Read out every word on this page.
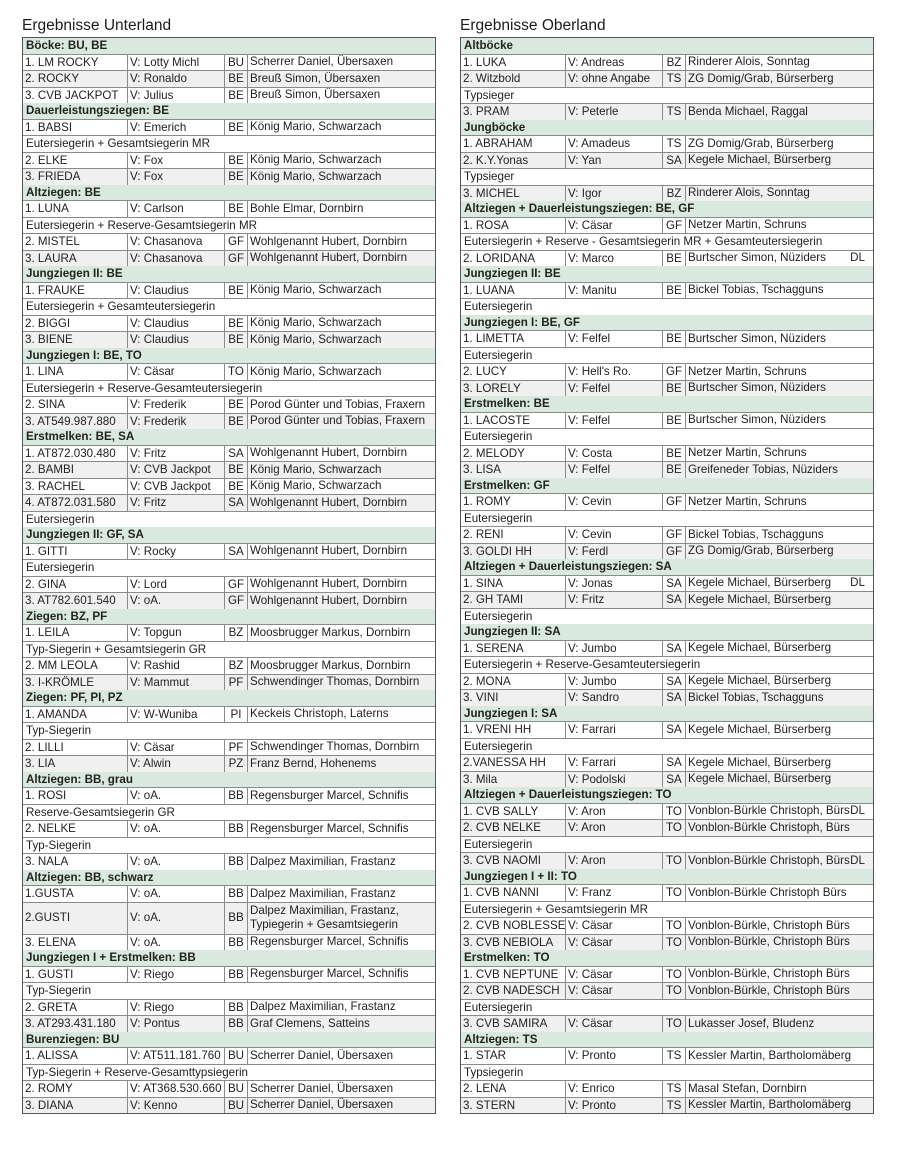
Ergebnisse Unterland
Böcke: BU, BE
1. LM ROCKY	V: Lotty Michl	BU Scherrer Daniel, Übersaxen
2. ROCKY	V: Ronaldo	BE Breuß Simon, Übersaxen
3. CVB JACKPOT V: Julius	BE Breuß Simon, Übersaxen
Dauerleistungsziegen: BE
1. BABSI	V: Emerich	BE König Mario, Schwarzach
Eutersiegerin + Gesamtsiegerin MR
2. ELKE	V: Fox	BE König Mario, Schwarzach
3. FRIEDA	V: Fox	BE König Mario, Schwarzach
Altziegen: BE
1. LUNA	V: Carlson	BE Bohle Elmar, Dornbirn
Eutersiegerin + Reserve-Gesamtsiegerin MR
2. MISTEL	V: Chasanova	GF Wohlgenannt Hubert, Dornbirn
3. LAURA	V: Chasanova	GF Wohlgenannt Hubert, Dornbirn
Jungziegen II: BE
1. FRAUKE	V: Claudius	BE König Mario, Schwarzach
Eutersiegerin + Gesamteutersiegerin
2. BIGGI	V: Claudius	BE König Mario, Schwarzach
3. BIENE	V: Claudius	BE König Mario, Schwarzach
Jungziegen I: BE, TO
1. LINA	V: Cäsar	TO König Mario, Schwarzach
Eutersiegerin + Reserve-Gesamteutersiegerin
2. SINA	V: Frederik	BE Porod Günter und Tobias, Fraxern
3. AT549.987.880	V: Frederik	BE Porod Günter und Tobias, Fraxern
Erstmelken: BE, SA
1. AT872.030.480	V: Fritz	SA Wohlgenannt Hubert, Dornbirn
2. BAMBI	V: CVB Jackpot	BE König Mario, Schwarzach
3. RACHEL	V: CVB Jackpot	BE König Mario, Schwarzach
4. AT872.031.580	V: Fritz	SA Wohlgenannt Hubert, Dornbirn
Eutersiegerin
Jungziegen II: GF, SA
1. GITTI	V: Rocky	SA Wohlgenannt Hubert, Dornbirn
Eutersiegerin
2. GINA	V: Lord	GF Wohlgenannt Hubert, Dornbirn
3. AT782.601.540	V: oA.	GF Wohlgenannt Hubert, Dornbirn
Ziegen: BZ, PF
1. LEILA	V: Topgun	BZ Moosbrugger Markus, Dornbirn
Typ-Siegerin + Gesamtsiegerin GR
2. MM LEOLA	V: Rashid	BZ Moosbrugger Markus, Dornbirn
3. I-KRÖMLE	V: Mammut	PF Schwendinger Thomas, Dornbirn
Ziegen: PF, PI, PZ
1. AMANDA	V: W-Wuniba	PI Keckeis Christoph, Laterns
Typ-Siegerin
2. LILLI	V: Cäsar	PF Schwendinger Thomas, Dornbirn
3. LIA	V: Alwin	PZ Franz Bernd, Hohenems
Altziegen: BB, grau
1. ROSI	V: oA.	BB Regensburger Marcel, Schnifis
Reserve-Gesamtsiegerin GR
2. NELKE	V: oA.	BB Regensburger Marcel, Schnifis
Typ-Siegerin
3. NALA	V: oA.	BB Dalpez Maximilian, Frastanz
Altziegen: BB, schwarz
1.GUSTA	V: oA.	BB Dalpez Maximilian, Frastanz
2.GUSTI	V: oA.	BB
Dalpez Maximilian, Frastanz,
Typiegerin + Gesamtsiegerin
3. ELENA	V: oA.	BB Regensburger Marcel, Schnifis
Jungziegen I + Erstmelken: BB
1. GUSTI	V: Riego	BB Regensburger Marcel, Schnifis
Typ-Siegerin
2. GRETA	V: Riego	BB Dalpez Maximilian, Frastanz
3. AT293.431.180	V: Pontus	BB Graf Clemens, Satteins
Burenziegen: BU
1. ALISSA	V: AT511.181.760 BU Scherrer Daniel, Übersaxen
Typ-Siegerin + Reserve-Gesamttypsiegerin
2. ROMY	V: AT368.530.660 BU Scherrer Daniel, Übersaxen
3. DIANA	V: Kenno	BU Scherrer Daniel, Übersaxen
Ergebnisse Oberland
Altböcke
1. LUKA	V: Andreas	BZ Rinderer Alois, Sonntag
2. Witzbold	V: ohne Angabe	TS ZG Domig/Grab, Bürserberg
Typsieger
3. PRAM	V: Peterle	TS Benda Michael, Raggal
Jungböcke
1. ABRAHAM	V: Amadeus	TS ZG Domig/Grab, Bürserberg
2. K.Y.Yonas	V: Yan	SA Kegele Michael, Bürserberg
Typsieger
3. MICHEL	V: Igor	BZ Rinderer Alois, Sonntag
Altziegen + Dauerleistungsziegen: BE, GF
1. ROSA	V: Cäsar	GF Netzer Martin, Schruns
Eutersiegerin + Reserve - Gesamtsiegerin MR + Gesamteutersiegerin
2. LORIDANA	V: Marco	BE Burtscher Simon, Nüziders DL
Jungziegen II: BE
1. LUANA	V: Manitu	BE Bickel Tobias, Tschagguns
Eutersiegerin
Jungziegen I: BE, GF
1. LIMETTA	V: Felfel	BE Burtscher Simon, Nüziders
Eutersiegerin
2. LUCY	V: Hell's Ro.	GF Netzer Martin, Schruns
3. LORELY	V: Felfel	BE Burtscher Simon, Nüziders
Erstmelken: BE
1. LACOSTE	V: Felfel	BE Burtscher Simon, Nüziders
Eutersiegerin
2. MELODY	V: Costa	BE Netzer Martin, Schruns
3. LISA	V: Felfel	BE Greifeneder Tobias, Nüziders
Erstmelken: GF
1. ROMY	V: Cevin	GF Netzer Martin, Schruns
Eutersiegerin
2. RENI	V: Cevin	GF Bickel Tobias, Tschagguns
3. GOLDI HH	V: Ferdl	GF ZG Domig/Grab, Bürserberg
Altziegen + Dauerleistungsziegen: SA
1. SINA	V: Jonas	SA Kegele Michael, Bürserberg DL
2. GH TAMI	V: Fritz	SA Kegele Michael, Bürserberg
Eutersiegerin
Jungziegen II: SA
1. SERENA	V: Jumbo	SA Kegele Michael, Bürserberg
Eutersiegerin + Reserve-Gesamteutersiegerin
2. MONA	V: Jumbo	SA Kegele Michael, Bürserberg
3. VINI	V: Sandro	SA Bickel Tobias, Tschagguns
Jungziegen I: SA
1. VRENI HH	V: Farrari	SA Kegele Michael, Bürserberg
Eutersiegerin
2.VANESSA HH	V: Farrari	SA Kegele Michael, Bürserberg
3. Mila	V: Podolski	SA Kegele Michael, Bürserberg
Altziegen + Dauerleistungsziegen: TO
1. CVB SALLY	V: Aron	TO Vonblon-Bürkle Christoph, Bürs DL
2. CVB NELKE	V: Aron	TO Vonblon-Bürkle Christoph, Bürs
Eutersiegerin
3. CVB NAOMI	V: Aron	TO Vonblon-Bürkle Christoph, Bürs DL
Jungziegen I + II: TO
1. CVB NANNI	V: Franz	TO Vonblon-Bürkle Christoph Bürs
Eutersiegerin + Gesamtsiegerin MR
2. CVB NOBLESSE V: Cäsar	TO Vonblon-Bürkle, Christoph Bürs
3. CVB NEBIOLA	V: Cäsar	TO Vonblon-Bürkle, Christoph Bürs
Erstmelken: TO
1. CVB NEPTUNE V: Cäsar	TO Vonblon-Bürkle, Christoph Bürs
2. CVB NADESCH V: Cäsar	TO Vonblon-Bürkle, Christoph Bürs
Eutersiegerin
3. CVB SAMIRA	V: Cäsar	TO Lukasser Josef, Bludenz
Altziegen: TS
1. STAR	V: Pronto	TS Kessler Martin, Bartholomäberg
Typsiegerin
2. LENA	V: Enrico	TS Masal Stefan, Dornbirn
3. STERN	V: Pronto	TS Kessler Martin, Bartholomäberg
